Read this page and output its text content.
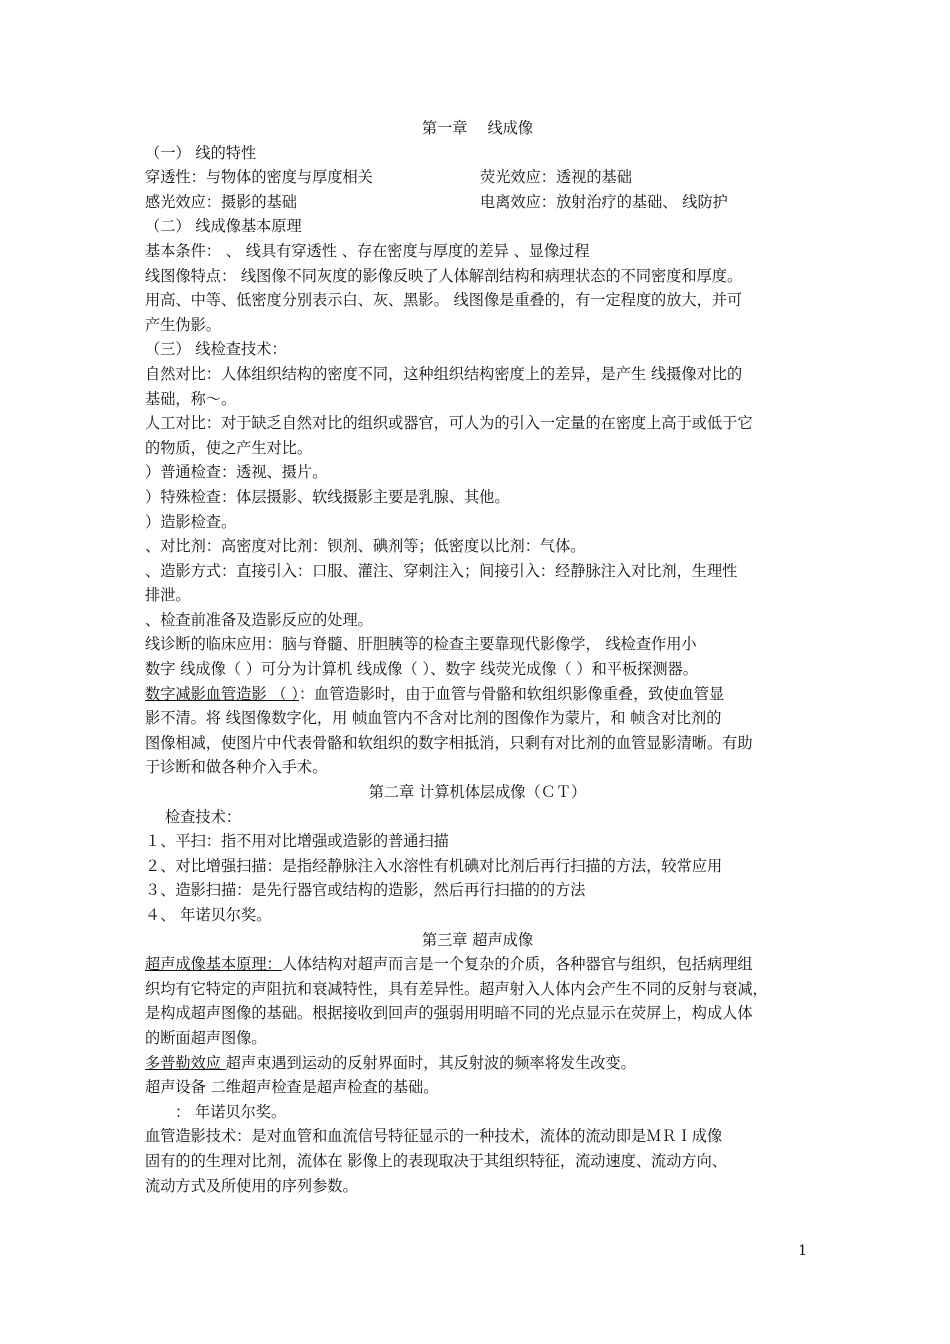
第一章　 线成像
（一） 线的特性
穿透性：与物体的密度与厚度相关	荧光效应：透视的基础
感光效应：摄影的基础	电离效应：放射治疗的基础、 线防护
（二） 线成像基本原理
基本条件： 、 线具有穿透性 、存在密度与厚度的差异 、显像过程
线图像特点： 线图像不同灰度的影像反映了人体解剖结构和病理状态的不同密度和厚度。
用高、中等、低密度分别表示白、灰、黑影。 线图像是重叠的，有一定程度的放大，并可
产生伪影。
（三） 线检查技术：
自然对比：人体组织结构的密度不同，这种组织结构密度上的差异，是产生 线摄像对比的
基础，称～。
人工对比：对于缺乏自然对比的组织或器官，可人为的引入一定量的在密度上高于或低于它
的物质，使之产生对比。
）普通检查：透视、摄片。
）特殊检查：体层摄影、软线摄影主要是乳腺、其他。
）造影检查。
、对比剂：高密度对比剂：钡剂、碘剂等；低密度以比剂：气体。
、造影方式：直接引入：口服、灌注、穿刺注入；间接引入：经静脉注入对比剂，生理性
排泄。
、检查前准备及造影反应的处理。
线诊断的临床应用：脑与脊髓、肝胆胰等的检查主要靠现代影像学， 线检查作用小
数字 线成像（ ）可分为计算机 线成像（ ）、数字 线荧光成像（ ）和平板探测器。
数字减影血管造影 （ ）：血管造影时，由于血管与骨骼和软组织影像重叠，致使血管显
影不清。将 线图像数字化，用 帧血管内不含对比剂的图像作为蒙片，和 帧含对比剂的
图像相减，使图片中代表骨骼和软组织的数字相抵消，只剩有对比剂的血管显影清晰。有助
于诊断和做各种介入手术。
第二章 计算机体层成像（ＣＴ）
检查技术：
１、平扫：指不用对比增强或造影的普通扫描
２、对比增强扫描：是指经静脉注入水溶性有机碘对比剂后再行扫描的方法，较常应用
３、造影扫描：是先行器官或结构的造影，然后再行扫描的的方法
４、 年诺贝尔奖。
第三章 超声成像
超声成像基本原理：人体结构对超声而言是一个复杂的介质，各种器官与组织，包括病理组
织均有它特定的声阻抗和衰减特性，具有差异性。超声射入人体内会产生不同的反射与衰减，
是构成超声图像的基础。根据接收到回声的强弱用明暗不同的光点显示在荧屏上，构成人体
的断面超声图像。
多普勒效应 超声束遇到运动的反射界面时，其反射波的频率将发生改变。
超声设备 二维超声检查是超声检查的基础。
： 年诺贝尔奖。
血管造影技术：是对血管和血流信号特征显示的一种技术，流体的流动即是ＭＲＩ成像
固有的的生理对比剂，流体在 影像上的表现取决于其组织特征，流动速度、流动方向、
流动方式及所使用的序列参数。
1
